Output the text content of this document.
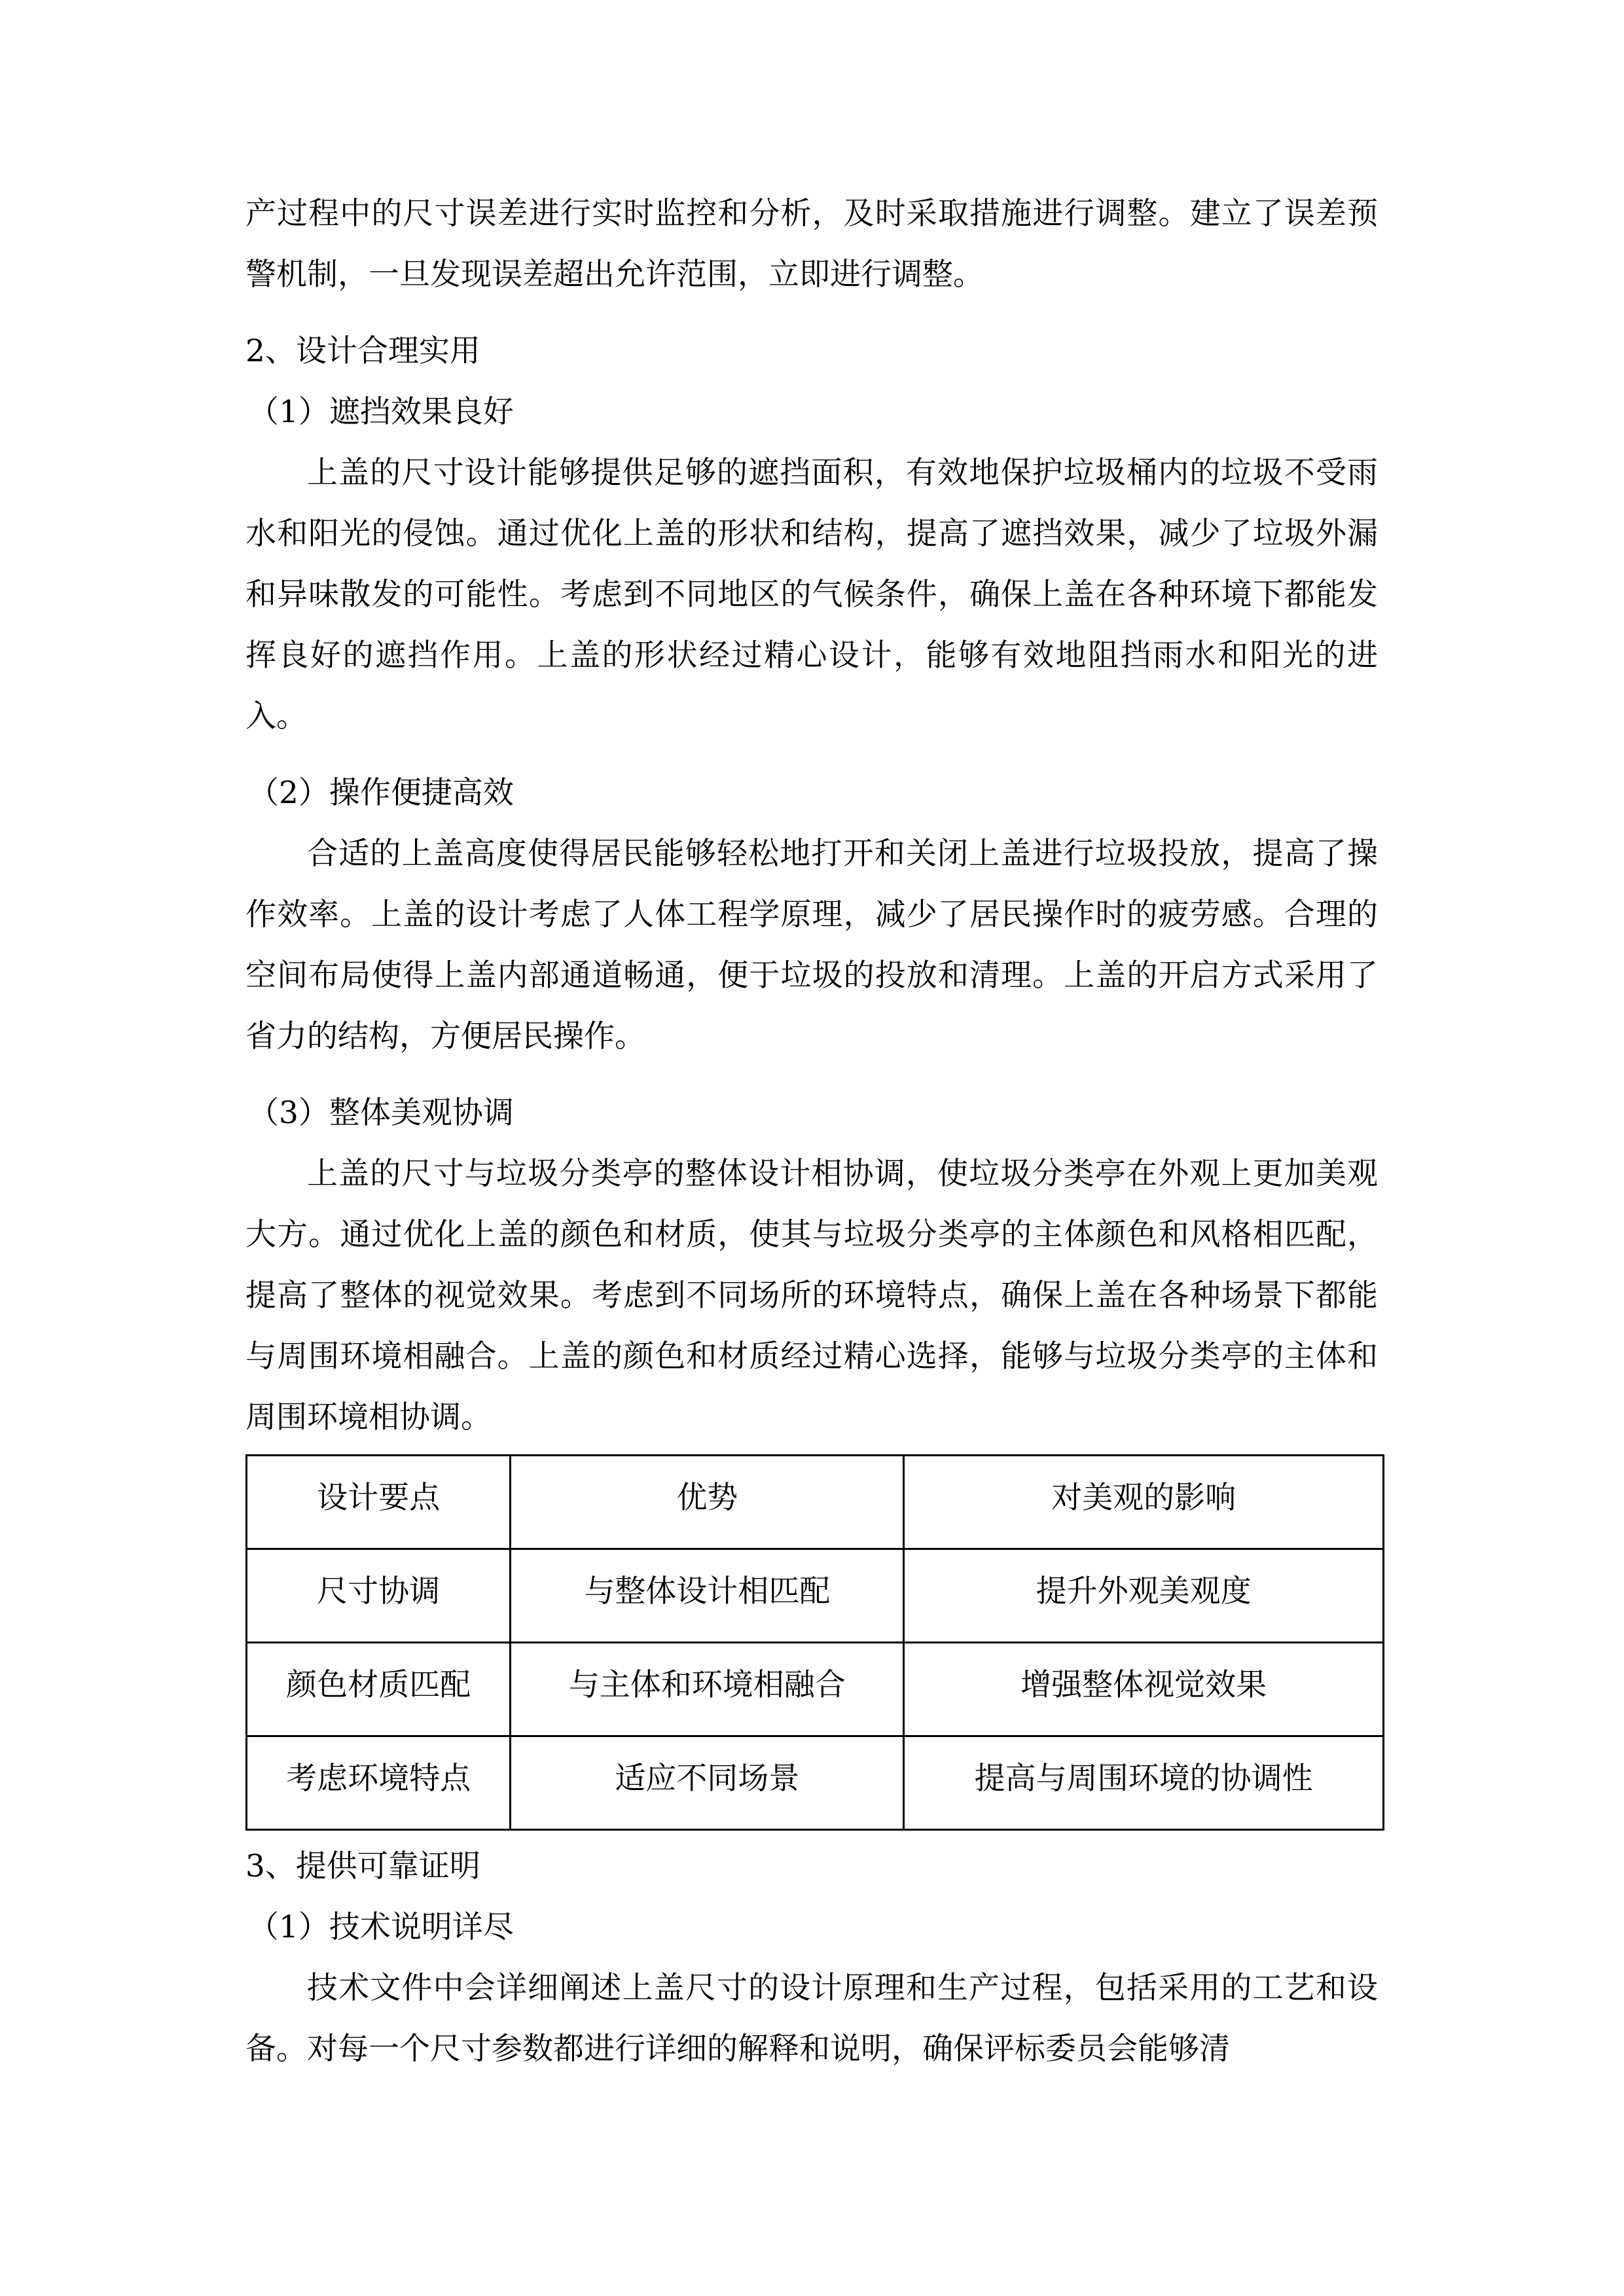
产过程中的尺寸误差进行实时监控和分析，及时采取措施进行调整。建立了误差预警机制，一旦发现误差超出允许范围，立即进行调整。

2、设计合理实用

（1）遮挡效果良好

上盖的尺寸设计能够提供足够的遮挡面积，有效地保护垃圾桶内的垃圾不受雨水和阳光的侵蚀。通过优化上盖的形状和结构，提高了遮挡效果，减少了垃圾外漏和异味散发的可能性。考虑到不同地区的气候条件，确保上盖在各种环境下都能发挥良好的遮挡作用。上盖的形状经过精心设计，能够有效地阻挡雨水和阳光的进入。

（2）操作便捷高效

合适的上盖高度使得居民能够轻松地打开和关闭上盖进行垃圾投放，提高了操作效率。上盖的设计考虑了人体工程学原理，减少了居民操作时的疲劳感。合理的空间布局使得上盖内部通道畅通，便于垃圾的投放和清理。上盖的开启方式采用了省力的结构，方便居民操作。

（3）整体美观协调

上盖的尺寸与垃圾分类亭的整体设计相协调，使垃圾分类亭在外观上更加美观大方。通过优化上盖的颜色和材质，使其与垃圾分类亭的主体颜色和风格相匹配，提高了整体的视觉效果。考虑到不同场所的环境特点，确保上盖在各种场景下都能与周围环境相融合。上盖的颜色和材质经过精心选择，能够与垃圾分类亭的主体和周围环境相协调。

设计要点	优势	对美观的影响
尺寸协调	与整体设计相匹配	提升外观美观度
颜色材质匹配	与主体和环境相融合	增强整体视觉效果
考虑环境特点	适应不同场景	提高与周围环境的协调性

3、提供可靠证明

（1）技术说明详尽

技术文件中会详细阐述上盖尺寸的设计原理和生产过程，包括采用的工艺和设备。对每一个尺寸参数都进行详细的解释和说明，确保评标委员会能够清
